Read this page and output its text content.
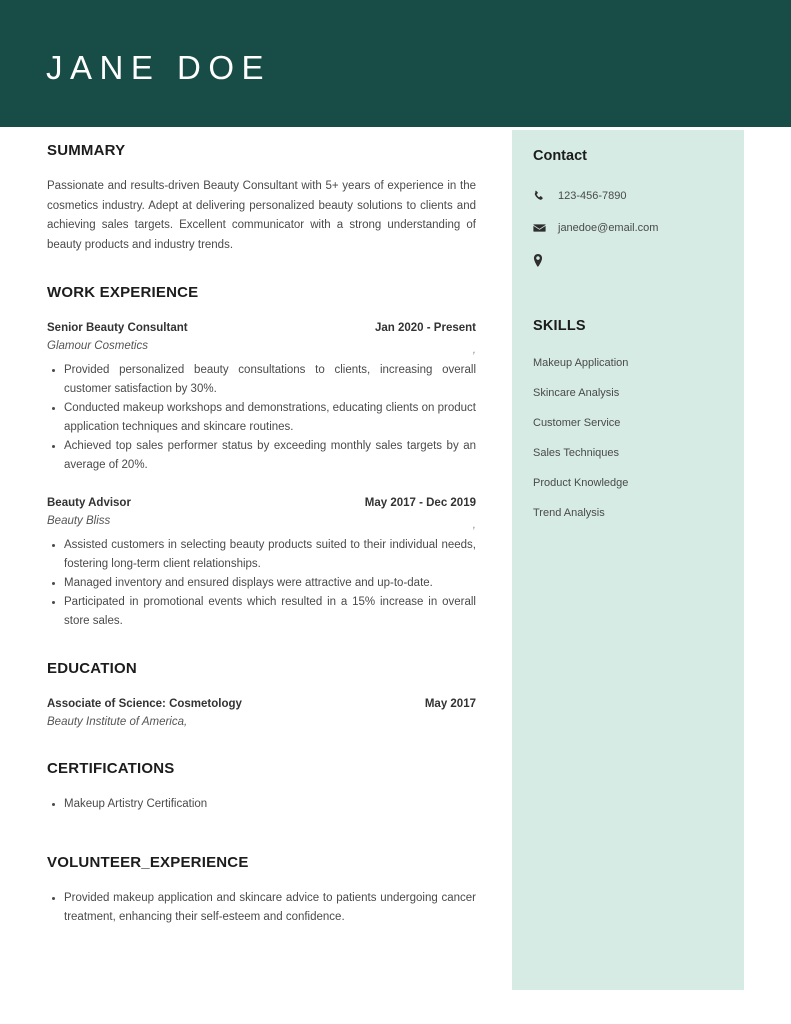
JANE DOE
SUMMARY

Passionate and results-driven Beauty Consultant with 5+ years of experience in the cosmetics industry. Adept at delivering personalized beauty solutions to clients and achieving sales targets. Excellent communicator with a strong understanding of beauty products and industry trends.

WORK EXPERIENCE
Senior Beauty Consultant	Jan 2020 - Present
Glamour Cosmetics	,
Provided personalized beauty consultations to clients, increasing overall customer satisfaction by 30%.
Conducted makeup workshops and demonstrations, educating clients on product application techniques and skincare routines.
Achieved top sales performer status by exceeding monthly sales targets by an average of 20%.
Beauty Advisor	May 2017 - Dec 2019
Beauty Bliss	,
Assisted customers in selecting beauty products suited to their individual needs, fostering long-term client relationships.
Managed inventory and ensured displays were attractive and up-to-date.
Participated in promotional events which resulted in a 15% increase in overall store sales.
EDUCATION
Associate of Science: Cosmetology	May 2017
Beauty Institute of America,
CERTIFICATIONS
Makeup Artistry Certification
VOLUNTEER_EXPERIENCE
Provided makeup application and skincare advice to patients undergoing cancer treatment, enhancing their self-esteem and confidence.
Contact
123-456-7890
janedoe@email.com
SKILLS
Makeup Application
Skincare Analysis
Customer Service
Sales Techniques
Product Knowledge
Trend Analysis
